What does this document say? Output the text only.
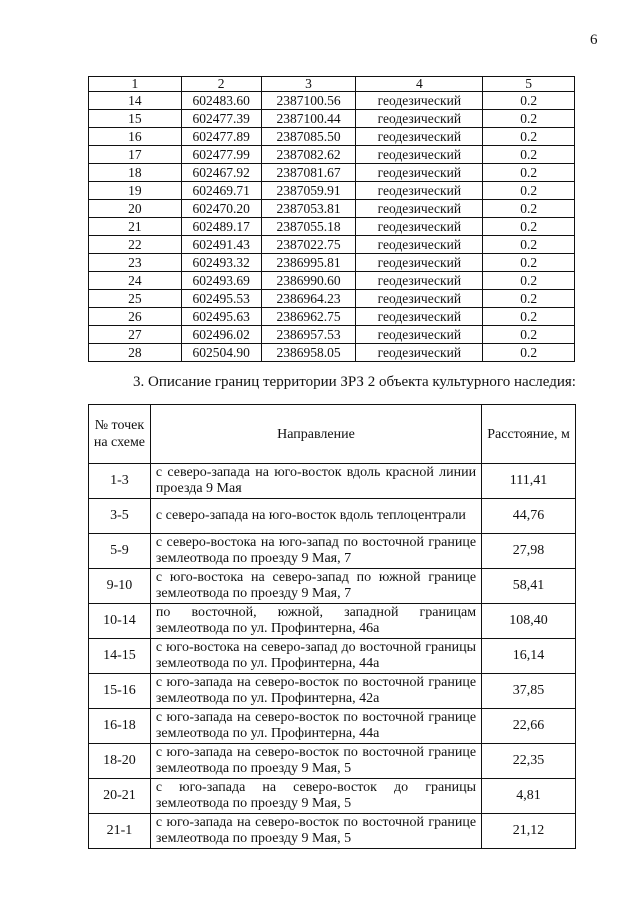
6
1	2	3	4	5
14	602483.60	2387100.56	геодезический	0.2
15	602477.39	2387100.44	геодезический	0.2
16	602477.89	2387085.50	геодезический	0.2
17	602477.99	2387082.62	геодезический	0.2
18	602467.92	2387081.67	геодезический	0.2
19	602469.71	2387059.91	геодезический	0.2
20	602470.20	2387053.81	геодезический	0.2
21	602489.17	2387055.18	геодезический	0.2
22	602491.43	2387022.75	геодезический	0.2
23	602493.32	2386995.81	геодезический	0.2
24	602493.69	2386990.60	геодезический	0.2
25	602495.53	2386964.23	геодезический	0.2
26	602495.63	2386962.75	геодезический	0.2
27	602496.02	2386957.53	геодезический	0.2
28	602504.90	2386958.05	геодезический	0.2
3. Описание границ территории ЗРЗ 2 объекта культурного наследия:
№ точек на схеме	Направление	Расстояние, м
1-3	с северо-запада на юго-восток вдоль красной линии проезда 9 Мая	111,41
3-5	с северо-запада на юго-восток вдоль теплоцентрали	44,76
5-9	с северо-востока на юго-запад по восточной границе землеотвода по проезду 9 Мая, 7	27,98
9-10	с юго-востока на северо-запад по южной границе землеотвода по проезду 9 Мая, 7	58,41
10-14	по восточной, южной, западной границам землеотвода по ул. Профинтерна, 46а	108,40
14-15	с юго-востока на северо-запад до восточной границы землеотвода по ул. Профинтерна, 44а	16,14
15-16	с юго-запада на северо-восток по восточной границе землеотвода по ул. Профинтерна, 42а	37,85
16-18	с юго-запада на северо-восток по восточной границе землеотвода по ул. Профинтерна, 44а	22,66
18-20	с юго-запада на северо-восток по восточной границе землеотвода по проезду 9 Мая, 5	22,35
20-21	с юго-запада на северо-восток до границы землеотвода по проезду 9 Мая, 5	4,81
21-1	с юго-запада на северо-восток по восточной границе землеотвода по проезду 9 Мая, 5	21,12
